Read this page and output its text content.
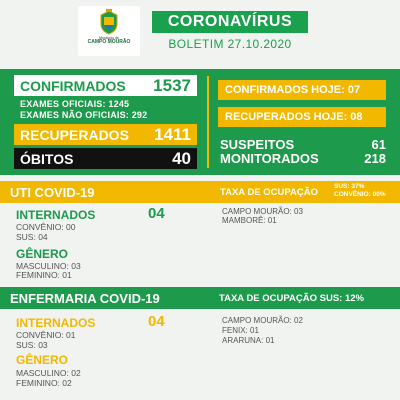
Município de
CAMPO MOURÃO
CORONAVÍRUS
BOLETIM 27.10.2020
CONFIRMADOS 1537
EXAMES OFICIAIS: 1245
EXAMES NÃO OFICIAIS: 292
RECUPERADOS 1411
ÓBITOS	40
CONFIRMADOS HOJE: 07
RECUPERADOS HOJE: 08
SUSPEITOS	61
MONITORADOS	218
UTI COVID-19	TAXA DE OCUPAÇÃO
SUS: 37%
CONVÊNIO: 00%
INTERNADOS	04
CONVÊNIO: 00
SUS: 04
GÊNERO
MASCULINO: 03
FEMININO: 01
CAMPO MOURÃO: 03
MAMBORÊ: 01
ENFERMARIA COVID-19	TAXA DE OCUPAÇÃO SUS: 12%
INTERNADOS	04
CONVÊNIO: 01
SUS: 03
GÊNERO
MASCULINO: 02
FEMININO: 02
CAMPO MOURÃO: 02
FENIX: 01
ARARUNA: 01
